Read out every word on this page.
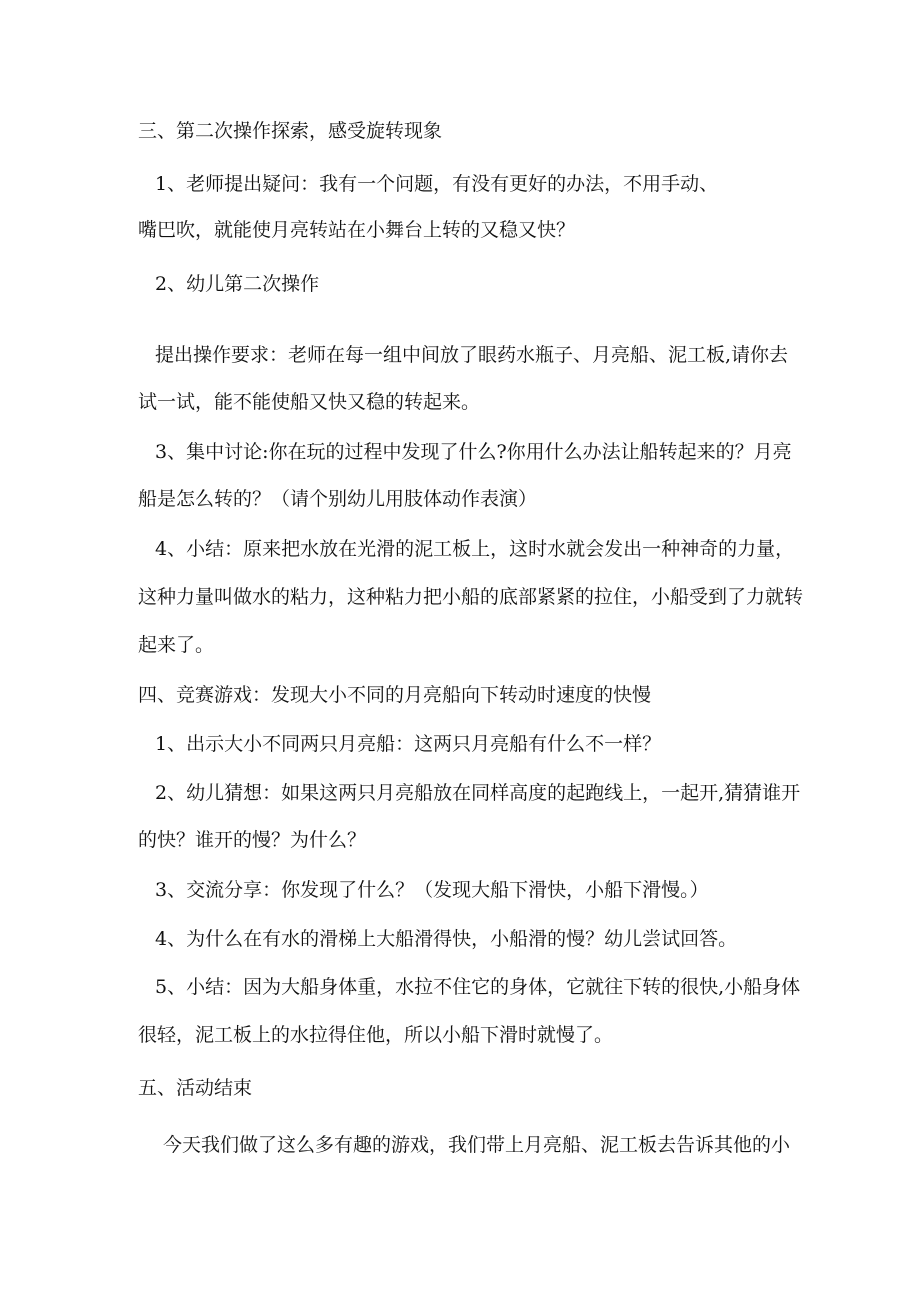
三、第二次操作探索，感受旋转现象

1、老师提出疑问：我有一个问题，有没有更好的办法，不用手动、

嘴巴吹，就能使月亮转站在小舞台上转的又稳又快？

2、幼儿第二次操作

提出操作要求：老师在每一组中间放了眼药水瓶子、月亮船、泥工板,请你去

试一试，能不能使船又快又稳的转起来。

3、集中讨论:你在玩的过程中发现了什么?你用什么办法让船转起来的？月亮

船是怎么转的？（请个别幼儿用肢体动作表演）

4、小结：原来把水放在光滑的泥工板上，这时水就会发出一种神奇的力量，

这种力量叫做水的粘力，这种粘力把小船的底部紧紧的拉住，小船受到了力就转

起来了。

四、竞赛游戏：发现大小不同的月亮船向下转动时速度的快慢

1、出示大小不同两只月亮船：这两只月亮船有什么不一样？

2、幼儿猜想：如果这两只月亮船放在同样高度的起跑线上，一起开,猜猜谁开

的快？谁开的慢？为什么？

3、交流分享：你发现了什么？（发现大船下滑快，小船下滑慢。）

4、为什么在有水的滑梯上大船滑得快，小船滑的慢？幼儿尝试回答。

5、小结：因为大船身体重，水拉不住它的身体，它就往下转的很快,小船身体

很轻，泥工板上的水拉得住他，所以小船下滑时就慢了。

五、活动结束

今天我们做了这么多有趣的游戏，我们带上月亮船、泥工板去告诉其他的小
